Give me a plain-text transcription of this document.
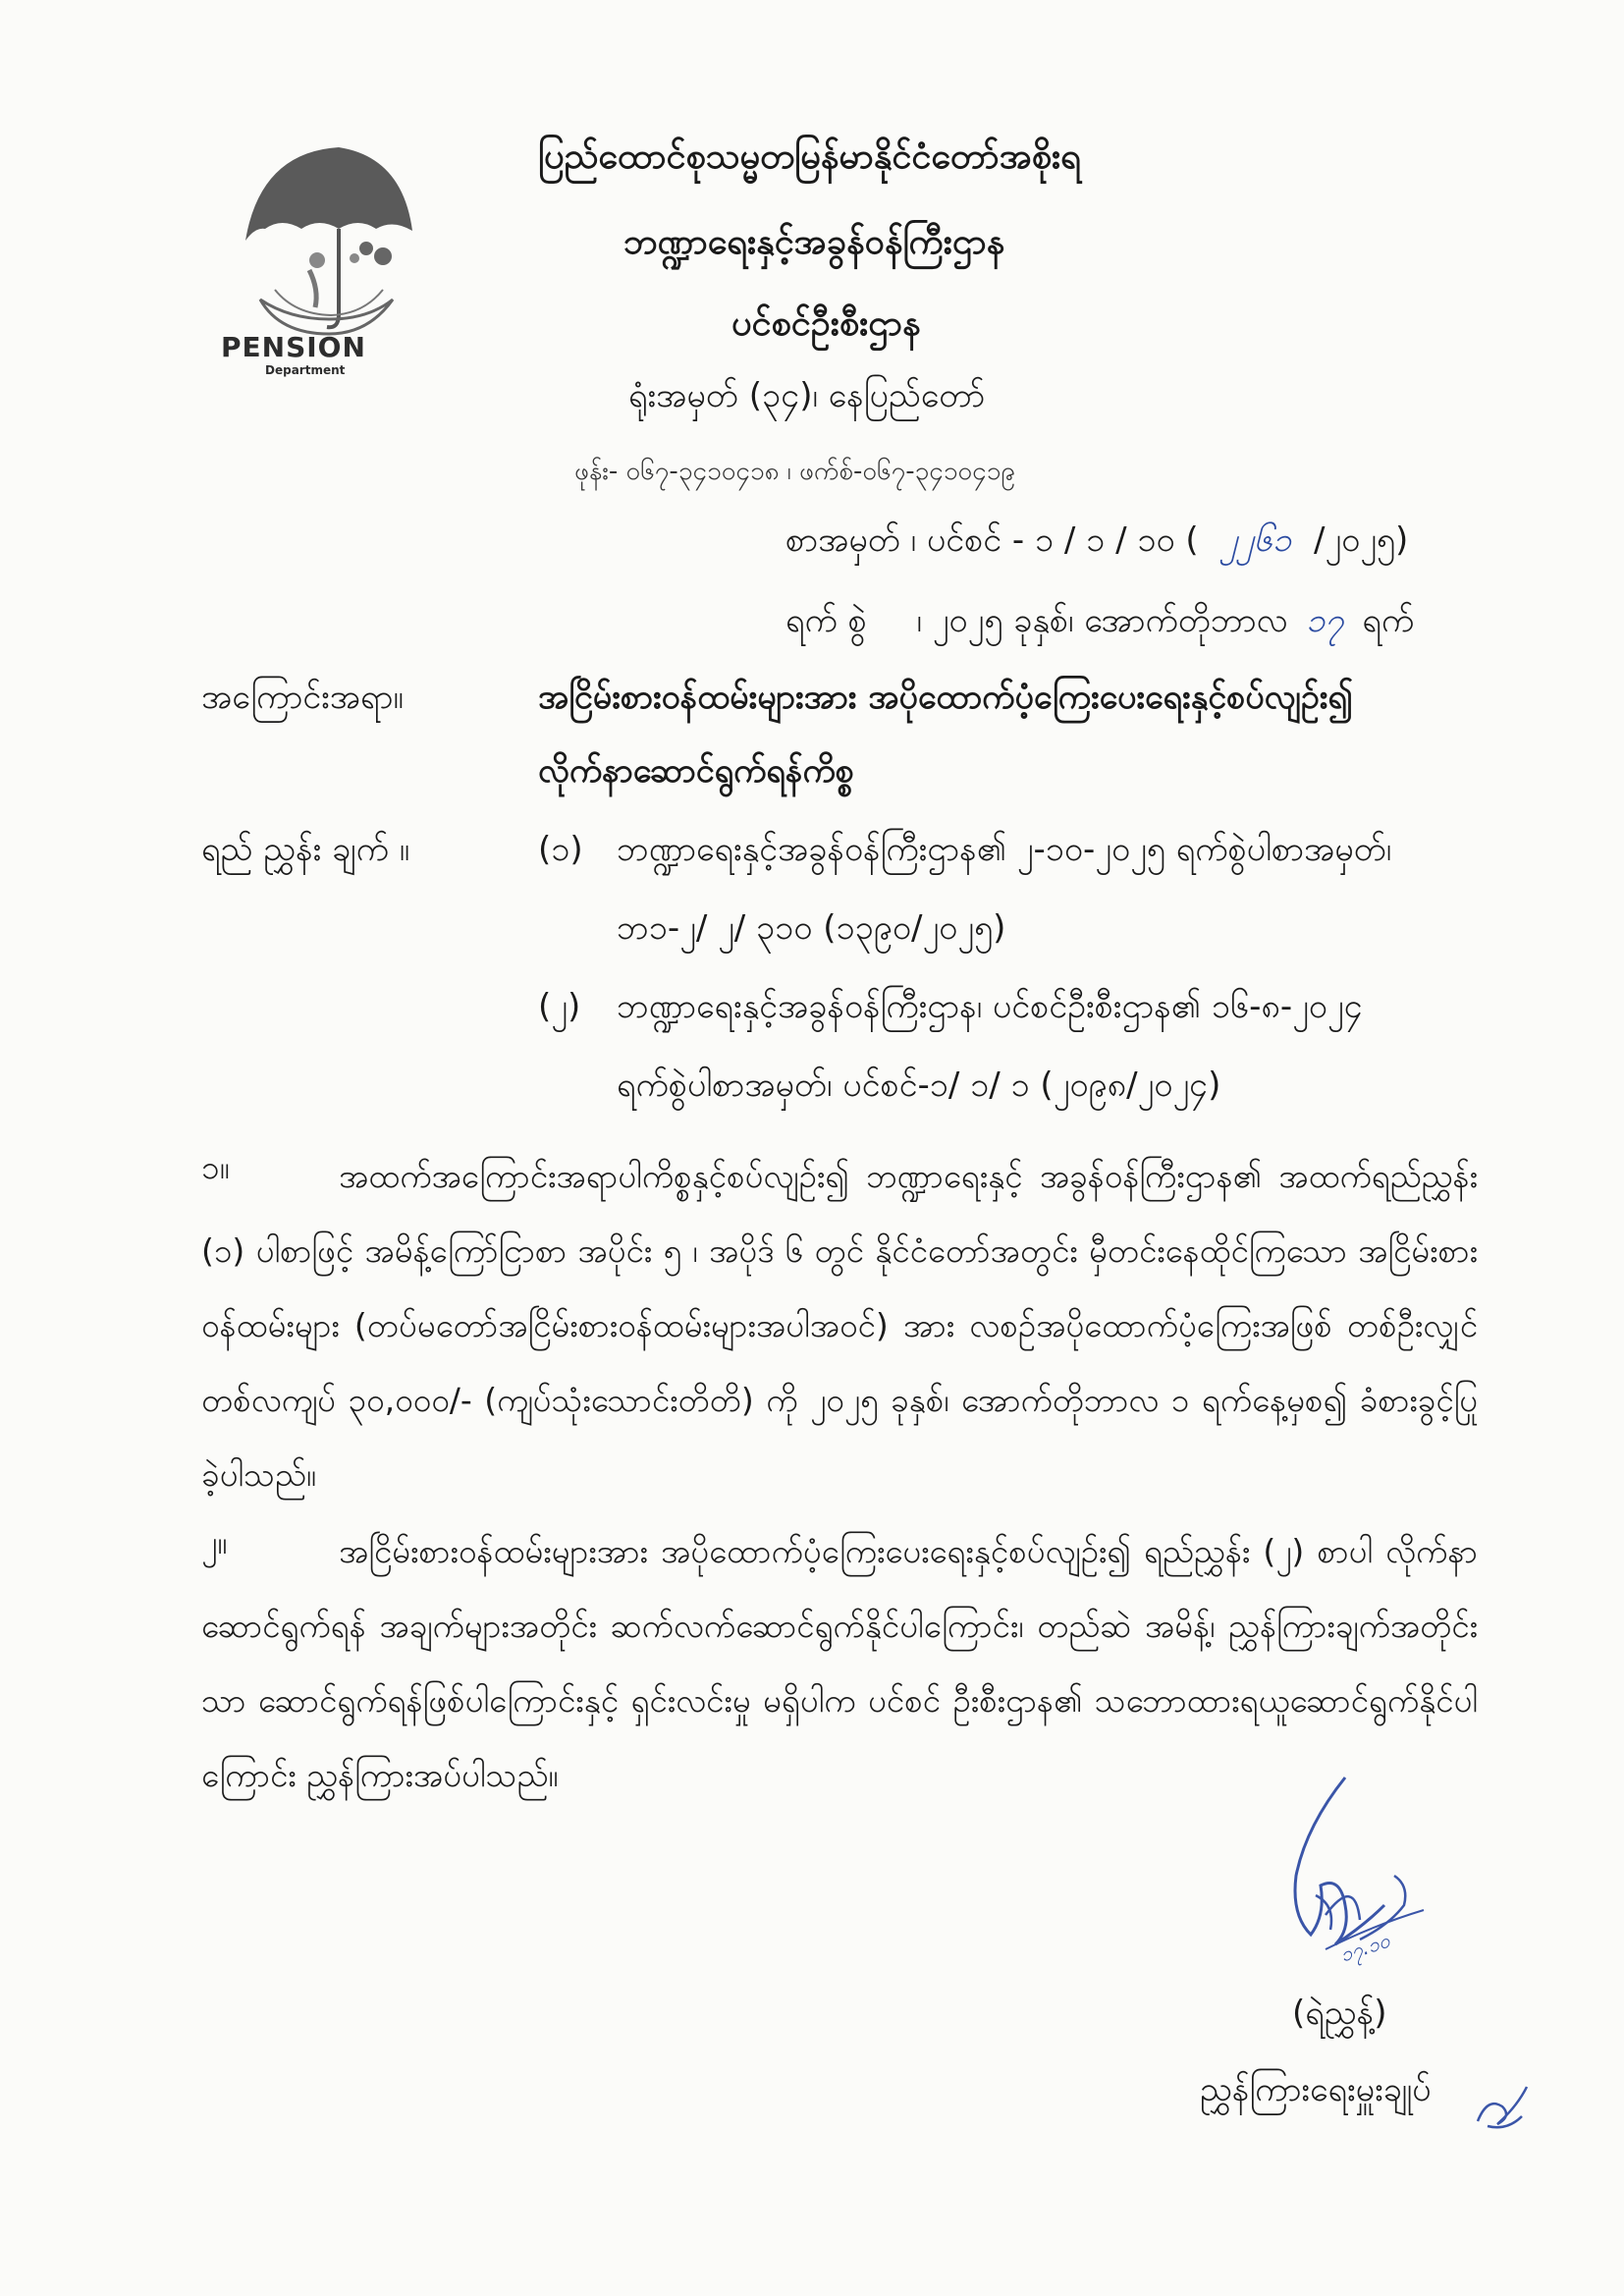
PENSION
Department
ပြည်ထောင်စုသမ္မတမြန်မာနိုင်ငံတော်အစိုးရ
ဘဏ္ဍာရေးနှင့်အခွန်ဝန်ကြီးဌာန
ပင်စင်ဦးစီးဌာန
ရုံးအမှတ် (၃၄)၊ နေပြည်တော်
ဖုန်း- ၀၆၇-၃၄၁၀၄၁၈ ၊ ဖက်စ်-၀၆၇-၃၄၁၀၄၁၉
စာအမှတ် ၊ ပင်စင် - ၁ / ၁ / ၁၀ ( ၂၂၆၁ /၂၀၂၅)
ရက် စွဲ ၊ ၂၀၂၅ ခုနှစ်၊ အောက်တိုဘာလ ၁၇ ရက်
အကြောင်းအရာ။	အငြိမ်းစားဝန်ထမ်းများအား အပိုထောက်ပံ့ကြေးပေးရေးနှင့်စပ်လျဉ်း၍
လိုက်နာဆောင်ရွက်ရန်ကိစ္စ
ရည် ညွှန်း ချက် ။	(၁) ဘဏ္ဍာရေးနှင့်အခွန်ဝန်ကြီးဌာန၏ ၂-၁၀-၂၀၂၅ ရက်စွဲပါစာအမှတ်၊
ဘ၁-၂/ ၂/ ၃၁၀ (၁၃၉၀/၂၀၂၅)
(၂) ဘဏ္ဍာရေးနှင့်အခွန်ဝန်ကြီးဌာန၊ ပင်စင်ဦးစီးဌာန၏ ၁၆-၈-၂၀၂၄
ရက်စွဲပါစာအမှတ်၊ ပင်စင်-၁/ ၁/ ၁ (၂၀၉၈/၂၀၂၄)
၁။	အထက်အကြောင်းအရာပါကိစ္စနှင့်စပ်လျဉ်း၍ ဘဏ္ဍာရေးနှင့် အခွန်ဝန်ကြီးဌာန၏ အထက်ရည်ညွှန်း (၁) ပါစာဖြင့် အမိန့်ကြော်ငြာစာ အပိုင်း ၅ ၊ အပိုဒ် ၆ တွင် နိုင်ငံတော်အတွင်း မှီတင်းနေထိုင်ကြသော အငြိမ်းစားဝန်ထမ်းများ (တပ်မတော်အငြိမ်းစားဝန်ထမ်းများအပါအဝင်) အား လစဉ်အပိုထောက်ပံ့ကြေးအဖြစ် တစ်ဦးလျှင် တစ်လကျပ် ၃၀,၀၀၀/- (ကျပ်သုံးသောင်းတိတိ) ကို ၂၀၂၅ ခုနှစ်၊ အောက်တိုဘာလ ၁ ရက်နေ့မှစ၍ ခံစားခွင့်ပြုခဲ့ပါသည်။
၂။	အငြိမ်းစားဝန်ထမ်းများအား အပိုထောက်ပံ့ကြေးပေးရေးနှင့်စပ်လျဉ်း၍ ရည်ညွှန်း (၂) စာပါ လိုက်နာဆောင်ရွက်ရန် အချက်များအတိုင်း ဆက်လက်ဆောင်ရွက်နိုင်ပါကြောင်း၊ တည်ဆဲ အမိန့်၊ ညွှန်ကြားချက်အတိုင်းသာ ဆောင်ရွက်ရန်ဖြစ်ပါကြောင်းနှင့် ရှင်းလင်းမှု မရှိပါက ပင်စင် ဦးစီးဌာန၏ သဘောထားရယူဆောင်ရွက်နိုင်ပါကြောင်း ညွှန်ကြားအပ်ပါသည်။
၁၇.၁၀
(ရဲညွှန့်)
ညွှန်ကြားရေးမှူးချုပ်
